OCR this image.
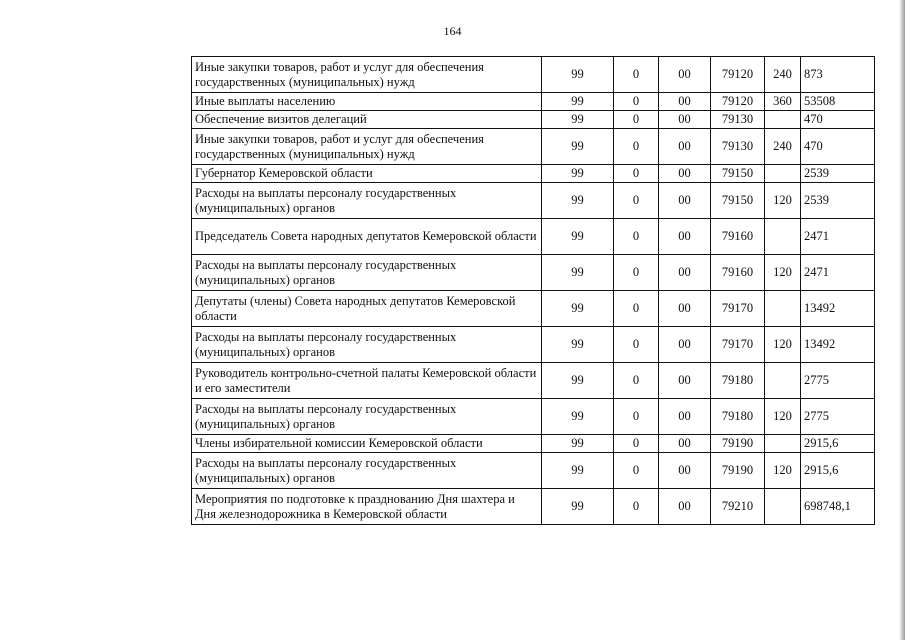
164
Иные закупки товаров, работ и услуг для обеспечения государственных (муниципальных) нужд	99	0	00	79120	240	873
Иные выплаты населению	99	0	00	79120	360	53508
Обеспечение визитов делегаций	99	0	00	79130		470
Иные закупки товаров, работ и услуг для обеспечения государственных (муниципальных) нужд	99	0	00	79130	240	470
Губернатор Кемеровской области	99	0	00	79150		2539
Расходы на выплаты персоналу государственных (муниципальных) органов	99	0	00	79150	120	2539
Председатель Совета народных депутатов Кемеровской области	99	0	00	79160		2471
Расходы на выплаты персоналу государственных (муниципальных) органов	99	0	00	79160	120	2471
Депутаты (члены) Совета народных депутатов Кемеровской области	99	0	00	79170		13492
Расходы на выплаты персоналу государственных (муниципальных) органов	99	0	00	79170	120	13492
Руководитель контрольно-счетной палаты Кемеровской области и его заместители	99	0	00	79180		2775
Расходы на выплаты персоналу государственных (муниципальных) органов	99	0	00	79180	120	2775
Члены избирательной комиссии Кемеровской области	99	0	00	79190		2915,6
Расходы на выплаты персоналу государственных (муниципальных) органов	99	0	00	79190	120	2915,6
Мероприятия по подготовке к празднованию Дня шахтера и Дня железнодорожника в Кемеровской области	99	0	00	79210		698748,1
